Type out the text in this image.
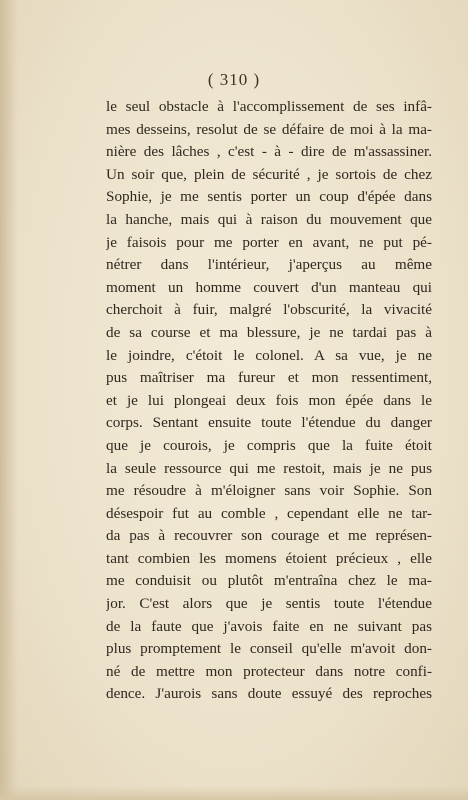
( 310 )
le seul obstacle à l'accomplissement de ses infâ-
mes desseins, resolut de se défaire de moi à la ma-
nière des lâches , c'est - à - dire de m'assassiner.
Un soir que, plein de sécurité , je sortois de chez
Sophie, je me sentis porter un coup d'épée dans
la hanche, mais qui à raison du mouvement que
je faisois pour me porter en avant, ne put pé-
nétrer dans l'intérieur, j'aperçus au même
moment un homme couvert d'un manteau qui
cherchoit à fuir, malgré l'obscurité, la vivacité
de sa course et ma blessure, je ne tardai pas à
le joindre, c'étoit le colonel. A sa vue, je ne
pus maîtriser ma fureur et mon ressentiment,
et je lui plongeai deux fois mon épée dans le
corps. Sentant ensuite toute l'étendue du danger
que je courois, je compris que la fuite étoit
la seule ressource qui me restoit, mais je ne pus
me résoudre à m'éloigner sans voir Sophie. Son
désespoir fut au comble , cependant elle ne tar-
da pas à recouvrer son courage et me représen-
tant combien les momens étoient précieux , elle
me conduisit ou plutôt m'entraîna chez le ma-
jor. C'est alors que je sentis toute l'étendue
de la faute que j'avois faite en ne suivant pas
plus promptement le conseil qu'elle m'avoit don-
né de mettre mon protecteur dans notre confi-
dence. J'aurois sans doute essuyé des reproches
